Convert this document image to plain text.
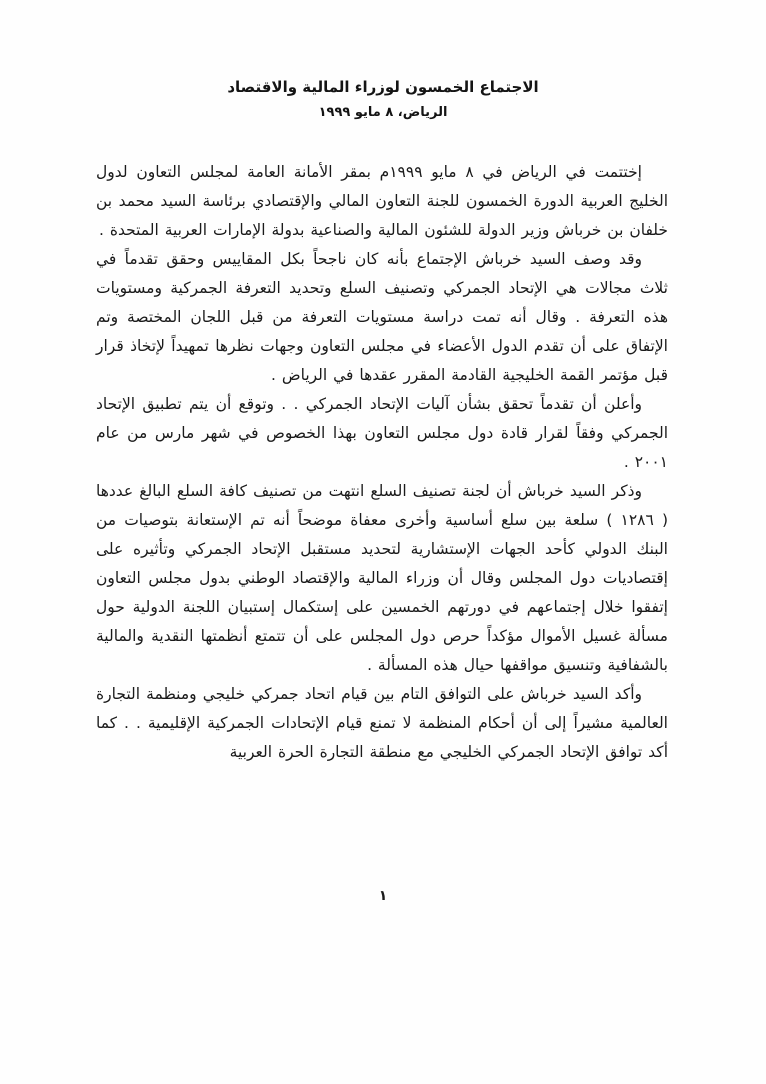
الاجتماع الخمسون لوزراء المالية والاقتصاد
الرياض، ٨ مايو ١٩٩٩

إختتمت في الرياض في ٨ مايو ١٩٩٩م بمقر الأمانة العامة لمجلس التعاون لدول الخليج العربية الدورة الخمسون للجنة التعاون المالي والإقتصادي برئاسة السيد محمد بن خلفان بن خرباش وزير الدولة للشئون المالية والصناعية بدولة الإمارات العربية المتحدة .

وقد وصف السيد خرباش الإجتماع بأنه كان ناجحاً بكل المقاييس وحقق تقدماً في ثلاث مجالات هي الإتحاد الجمركي وتصنيف السلع وتحديد التعرفة الجمركية ومستويات هذه التعرفة . وقال أنه تمت دراسة مستويات التعرفة من قبل اللجان المختصة وتم الإتفاق على أن تقدم الدول الأعضاء في مجلس التعاون وجهات نظرها تمهيداً لإتخاذ قرار قبل مؤتمر القمة الخليجية القادمة المقرر عقدها في الرياض .

وأعلن أن تقدماً تحقق بشأن آليات الإتحاد الجمركي . . وتوقع أن يتم تطبيق الإتحاد الجمركي وفقاً لقرار قادة دول مجلس التعاون بهذا الخصوص في شهر مارس من عام ٢٠٠١ .

وذكر السيد خرباش أن لجنة تصنيف السلع انتهت من تصنيف كافة السلع البالغ عددها ( ١٢٨٦ ) سلعة بين سلع أساسية وأخرى معفاة موضحاً أنه تم الإستعانة بتوصيات من البنك الدولي كأحد الجهات الإستشارية لتحديد مستقبل الإتحاد الجمركي وتأثيره على إقتصاديات دول المجلس وقال أن وزراء المالية والإقتصاد الوطني بدول مجلس التعاون إتفقوا خلال إجتماعهم في دورتهم الخمسين على إستكمال إستبيان اللجنة الدولية حول مسألة غسيل الأموال مؤكداً حرص دول المجلس على أن تتمتع أنظمتها النقدية والمالية بالشفافية وتنسيق مواقفها حيال هذه المسألة .

وأكد السيد خرباش على التوافق التام بين قيام اتحاد جمركي خليجي ومنظمة التجارة العالمية مشيراً إلى أن أحكام المنظمة لا تمنع قيام الإتحادات الجمركية الإقليمية . . كما أكد توافق الإتحاد الجمركي الخليجي مع منطقة التجارة الحرة العربية

١
